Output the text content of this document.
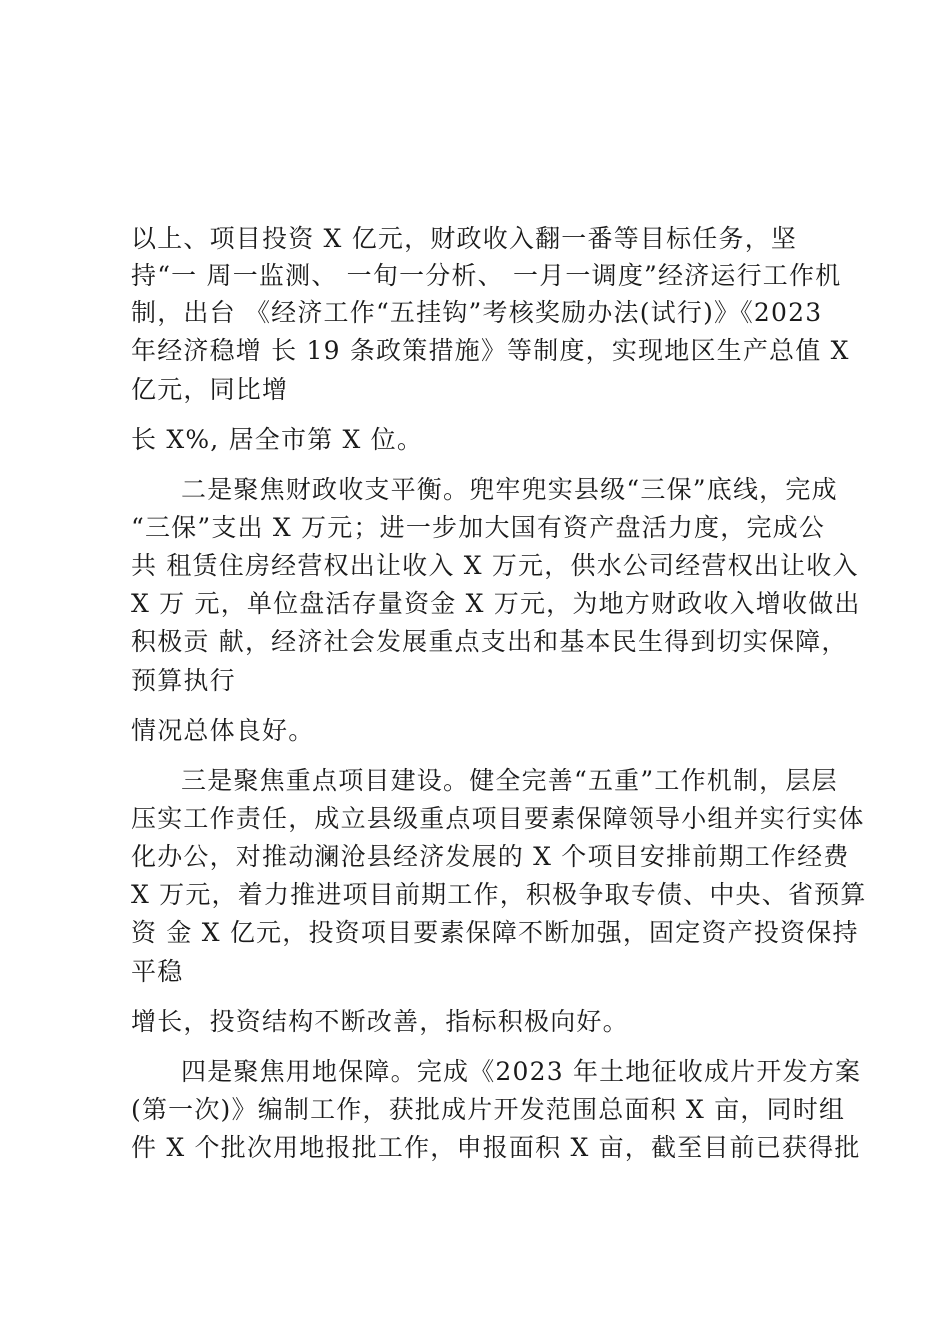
以上、项目投资 X 亿元，财政收入翻一番等目标任务，坚
持“一 周一监测、 一旬一分析、 一月一调度”经济运行工作机
制，出台 《经济工作“五挂钩”考核奖励办法(试行)》《2023
年经济稳增 长 19 条政策措施》等制度，实现地区生产总值 X
亿元，同比增
长 X%, 居全市第 X 位。
二是聚焦财政收支平衡。兜牢兜实县级“三保”底线，完成
“三保”支出 X 万元；进一步加大国有资产盘活力度，完成公
共 租赁住房经营权出让收入 X 万元，供水公司经营权出让收入
X 万 元，单位盘活存量资金 X 万元，为地方财政收入增收做出
积极贡 献，经济社会发展重点支出和基本民生得到切实保障，
预算执行
情况总体良好。
三是聚焦重点项目建设。健全完善“五重”工作机制，层层
压实工作责任，成立县级重点项目要素保障领导小组并实行实体
化办公，对推动澜沧县经济发展的 X 个项目安排前期工作经费
X 万元，着力推进项目前期工作，积极争取专债、中央、省预算
资 金 X 亿元，投资项目要素保障不断加强，固定资产投资保持
平稳
增长，投资结构不断改善，指标积极向好。
四是聚焦用地保障。完成《2023 年土地征收成片开发方案
(第一次)》编制工作，获批成片开发范围总面积 X 亩，同时组
件 X 个批次用地报批工作，申报面积 X 亩，截至目前已获得批
